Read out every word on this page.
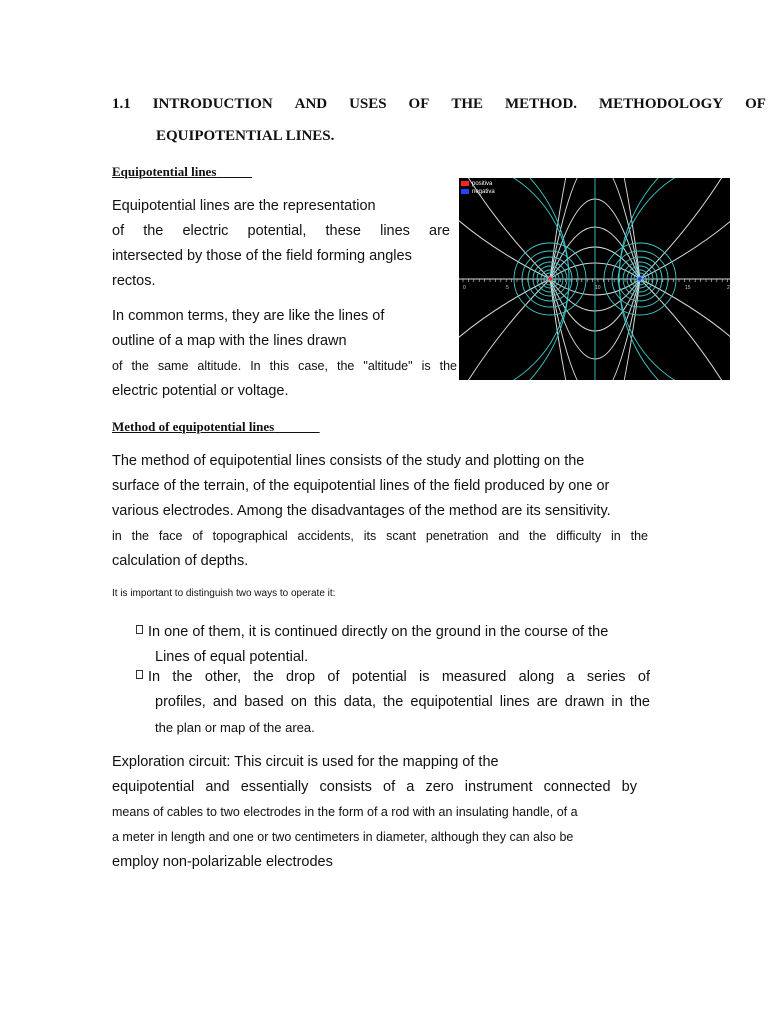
1.1 INTRODUCTION AND USES OF THE METHOD. METHODOLOGY OF
EQUIPOTENTIAL LINES.
Equipotential lines
Equipotential lines are the representation
of the electric potential, these lines are
intersected by those of the field forming angles
rectos.
In common terms, they are like the lines of
outline of a map with the lines drawn
of the same altitude. In this case, the "altitude" is the
electric potential or voltage.
0	5	10	15	2
positiva
negativa
Method of equipotential lines
The method of equipotential lines consists of the study and plotting on the
surface of the terrain, of the equipotential lines of the field produced by one or
various electrodes. Among the disadvantages of the method are its sensitivity.
in the face of topographical accidents, its scant penetration and the difficulty in the
calculation of depths.
It is important to distinguish two ways to operate it:
In one of them, it is continued directly on the ground in the course of the
Lines of equal potential.
In the other, the drop of potential is measured along a series of
profiles, and based on this data, the equipotential lines are drawn in the
the plan or map of the area.
Exploration circuit: This circuit is used for the mapping of the
equipotential and essentially consists of a zero instrument connected by
means of cables to two electrodes in the form of a rod with an insulating handle, of a
a meter in length and one or two centimeters in diameter, although they can also be
employ non-polarizable electrodes
